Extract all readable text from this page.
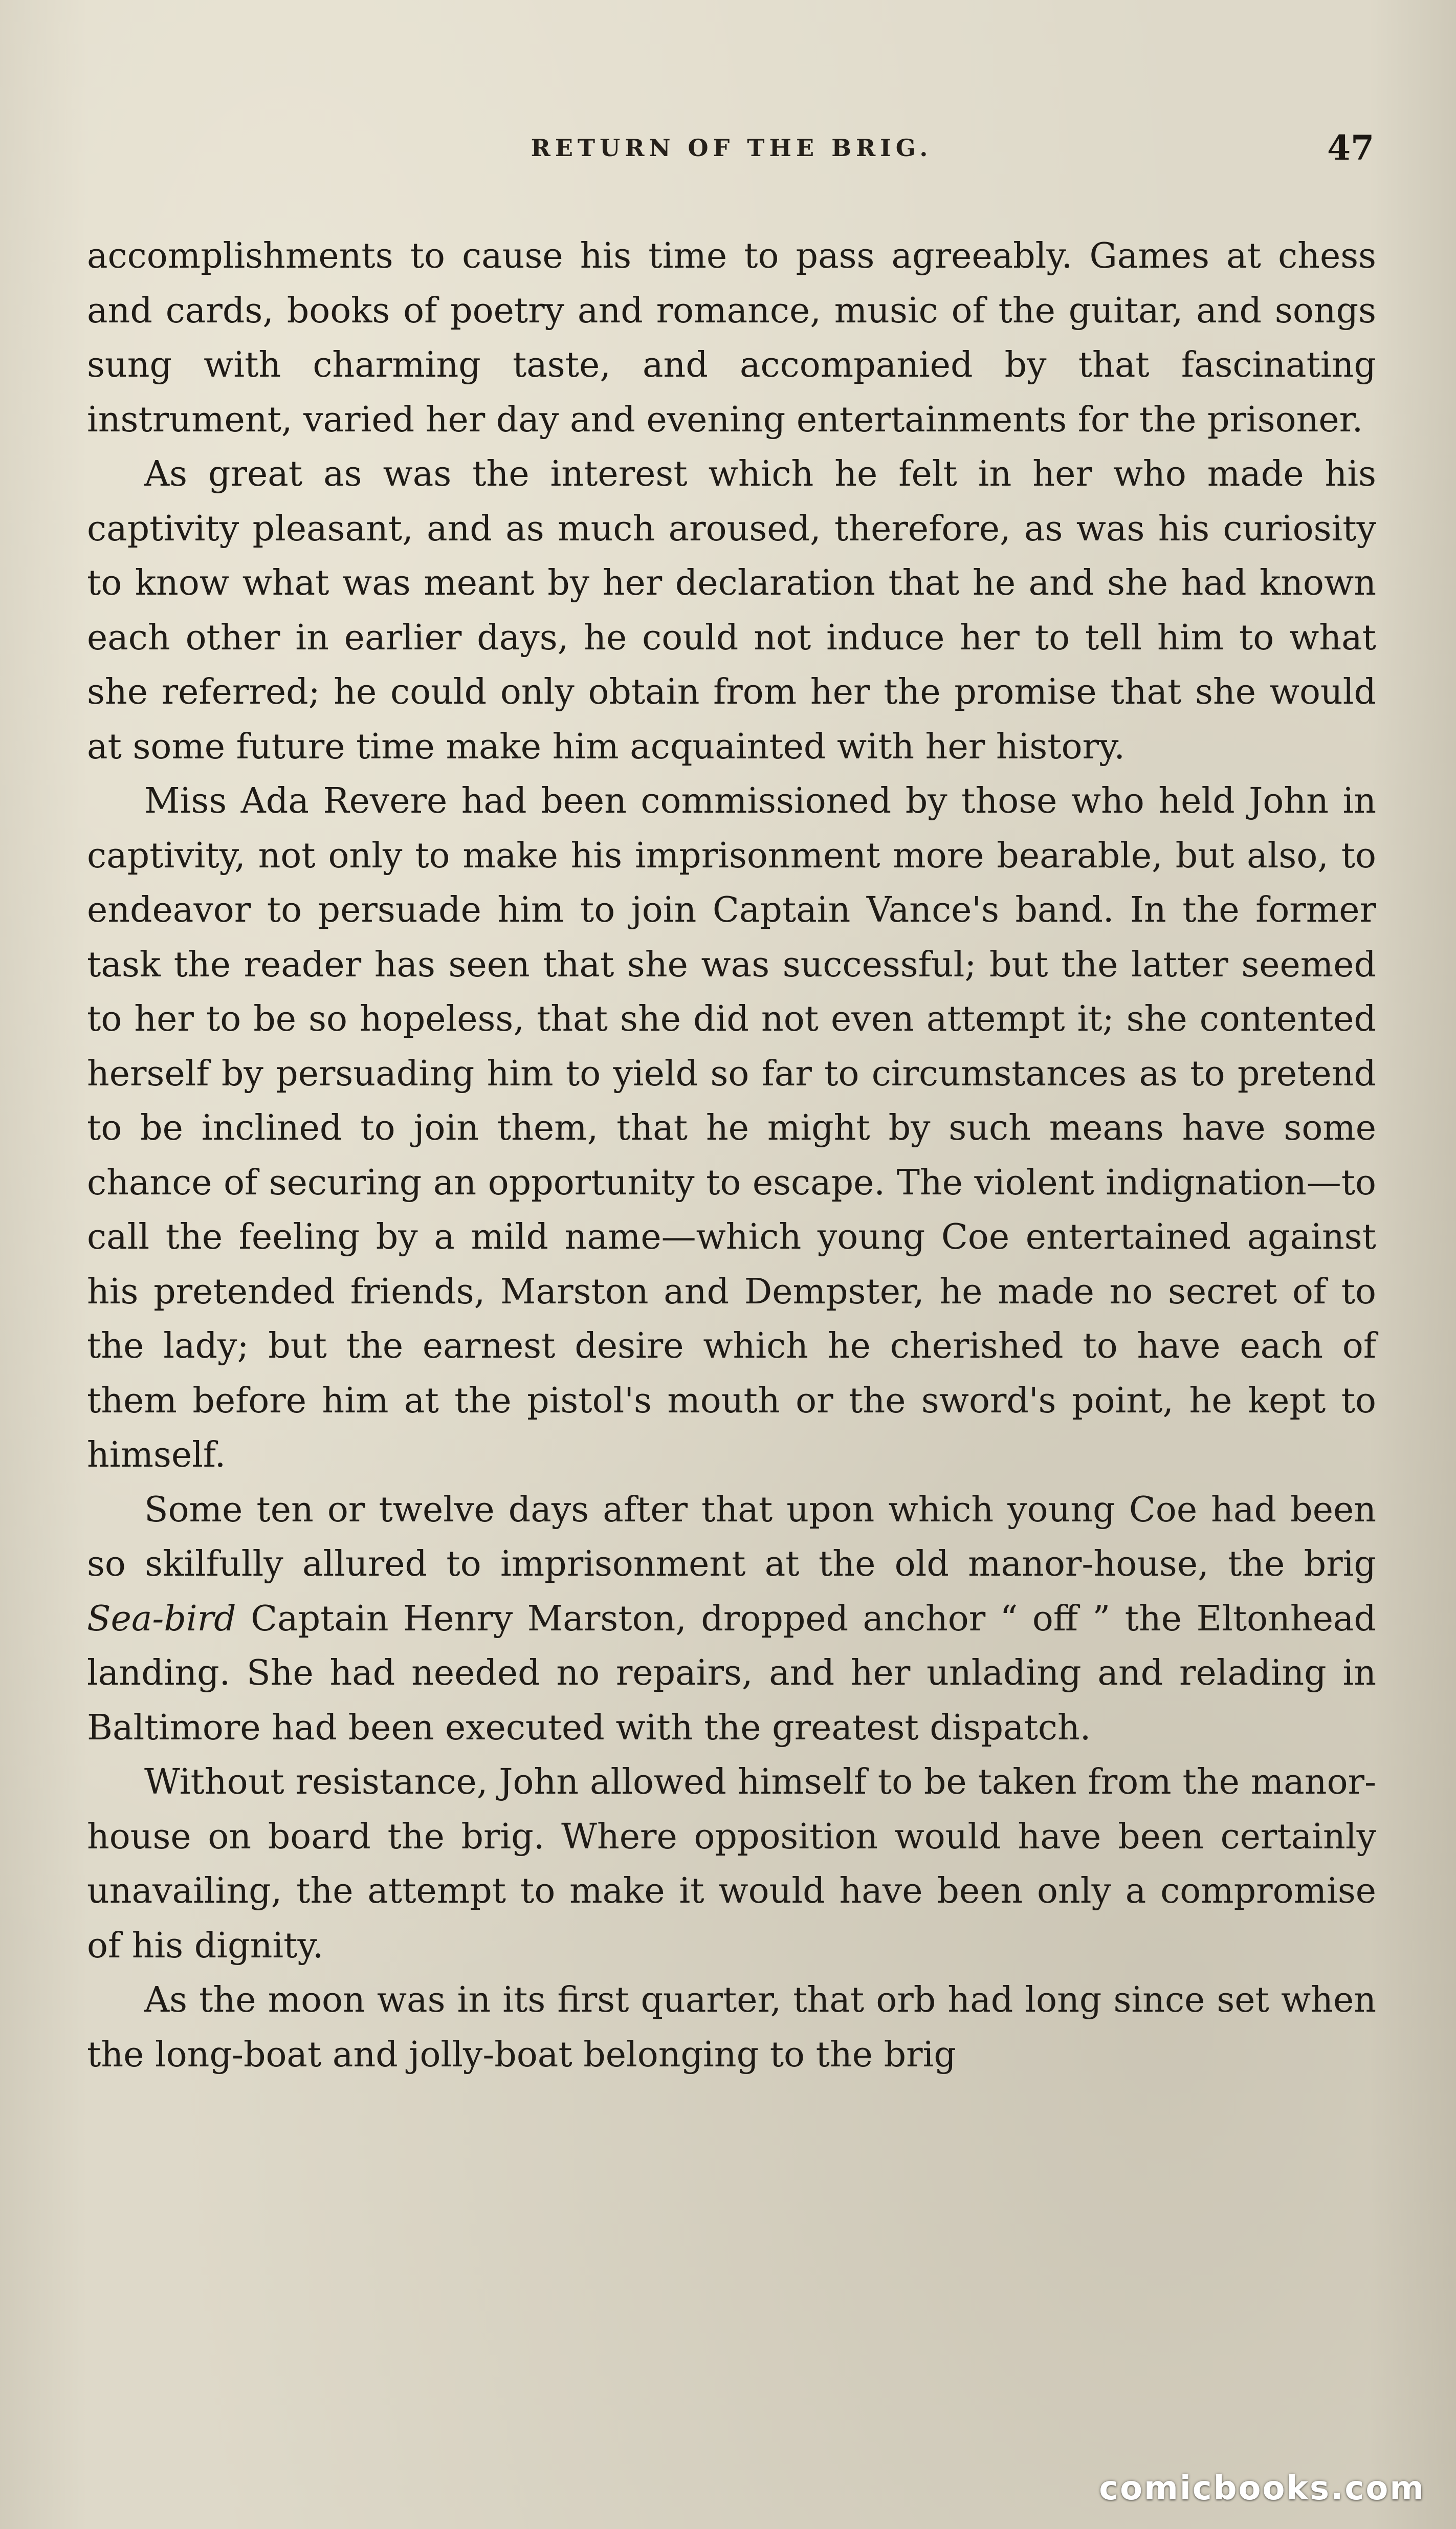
RETURN OF THE BRIG.	47

accomplishments to cause his time to pass agreeably. Games at chess and cards, books of poetry and romance, music of the guitar, and songs sung with charming taste, and accompanied by that fascinating instrument, varied her day and evening entertainments for the prisoner.

As great as was the interest which he felt in her who made his captivity pleasant, and as much aroused, therefore, as was his curiosity to know what was meant by her declaration that he and she had known each other in earlier days, he could not induce her to tell him to what she referred; he could only obtain from her the promise that she would at some future time make him acquainted with her history.

Miss Ada Revere had been commissioned by those who held John in captivity, not only to make his imprisonment more bearable, but also, to endeavor to persuade him to join Captain Vance's band. In the former task the reader has seen that she was successful; but the latter seemed to her to be so hopeless, that she did not even attempt it; she contented herself by persuading him to yield so far to circumstances as to pretend to be inclined to join them, that he might by such means have some chance of securing an opportunity to escape. The violent indignation—to call the feeling by a mild name—which young Coe entertained against his pretended friends, Marston and Dempster, he made no secret of to the lady; but the earnest desire which he cherished to have each of them before him at the pistol's mouth or the sword's point, he kept to himself.

Some ten or twelve days after that upon which young Coe had been so skilfully allured to imprisonment at the old manor-house, the brig Sea-bird Captain Henry Marston, dropped anchor “ off ” the Eltonhead landing. She had needed no repairs, and her unlading and relading in Baltimore had been executed with the greatest dispatch.

Without resistance, John allowed himself to be taken from the manor-house on board the brig. Where opposition would have been certainly unavailing, the attempt to make it would have been only a compromise of his dignity.

As the moon was in its first quarter, that orb had long since set when the long-boat and jolly-boat belonging to the brig

comicbooks.com
